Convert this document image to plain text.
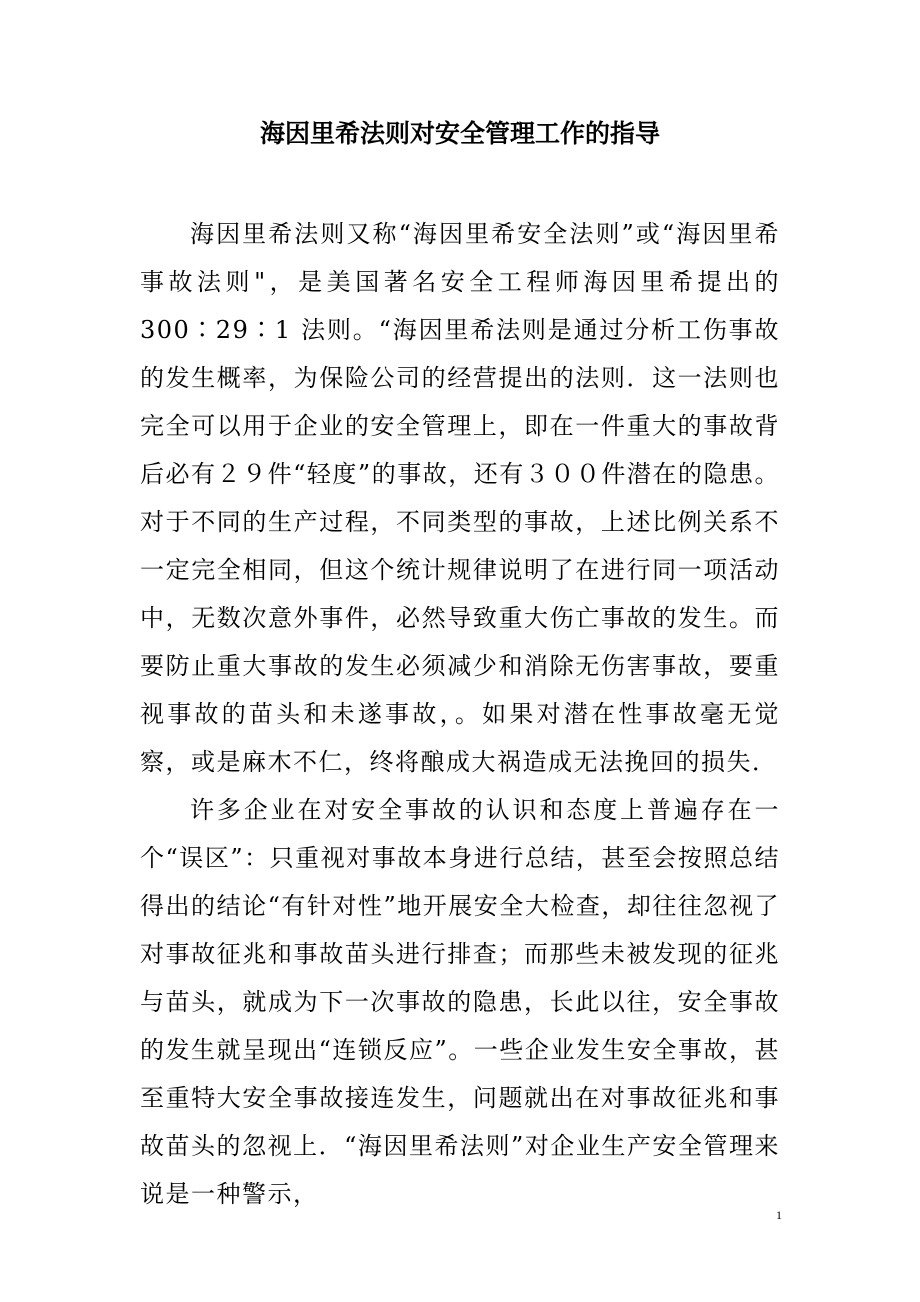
海因里希法则对安全管理工作的指导

海因里希法则又称“海因里希安全法则”或“海因里希事故法则"，是美国著名安全工程师海因里希提出的 300∶29∶1 法则。“海因里希法则是通过分析工伤事故的发生概率，为保险公司的经营提出的法则．这一法则也完全可以用于企业的安全管理上，即在一件重大的事故背后必有２９件“轻度”的事故，还有３００件潜在的隐患。对于不同的生产过程，不同类型的事故，上述比例关系不一定完全相同，但这个统计规律说明了在进行同一项活动中，无数次意外事件，必然导致重大伤亡事故的发生。而要防止重大事故的发生必须减少和消除无伤害事故，要重视事故的苗头和未遂事故，。如果对潜在性事故毫无觉察，或是麻木不仁，终将酿成大祸造成无法挽回的损失．

许多企业在对安全事故的认识和态度上普遍存在一个“误区”：只重视对事故本身进行总结，甚至会按照总结得出的结论“有针对性”地开展安全大检查，却往往忽视了对事故征兆和事故苗头进行排查；而那些未被发现的征兆与苗头，就成为下一次事故的隐患，长此以往，安全事故的发生就呈现出“连锁反应”。一些企业发生安全事故，甚至重特大安全事故接连发生，问题就出在对事故征兆和事故苗头的忽视上．“海因里希法则”对企业生产安全管理来说是一种警示，

1
